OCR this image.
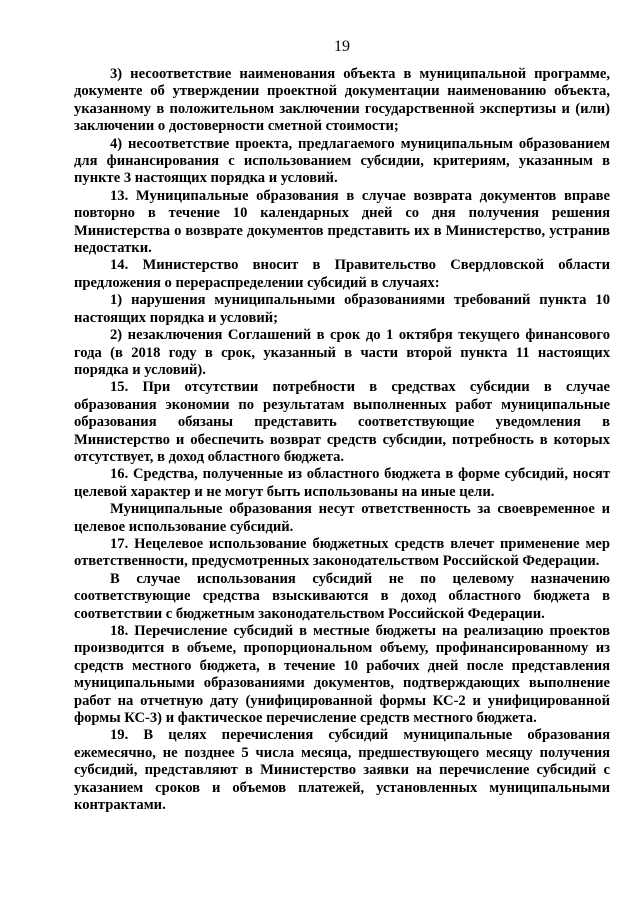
19

3) несоответствие наименования объекта в муниципальной программе, документе об утверждении проектной документации наименованию объекта, указанному в положительном заключении государственной экспертизы и (или) заключении о достоверности сметной стоимости;

4) несоответствие проекта, предлагаемого муниципальным образованием для финансирования с использованием субсидии, критериям, указанным в пункте 3 настоящих порядка и условий.

13. Муниципальные образования в случае возврата документов вправе повторно в течение 10 календарных дней со дня получения решения Министерства о возврате документов представить их в Министерство, устранив недостатки.

14. Министерство вносит в Правительство Свердловской области предложения о перераспределении субсидий в случаях:

1) нарушения муниципальными образованиями требований пункта 10 настоящих порядка и условий;

2) незаключения Соглашений в срок до 1 октября текущего финансового года (в 2018 году в срок, указанный в части второй пункта 11 настоящих порядка и условий).

15. При отсутствии потребности в средствах субсидии в случае образования экономии по результатам выполненных работ муниципальные образования обязаны представить соответствующие уведомления в Министерство и обеспечить возврат средств субсидии, потребность в которых отсутствует, в доход областного бюджета.

16. Средства, полученные из областного бюджета в форме субсидий, носят целевой характер и не могут быть использованы на иные цели.

Муниципальные образования несут ответственность за своевременное и целевое использование субсидий.

17. Нецелевое использование бюджетных средств влечет применение мер ответственности, предусмотренных законодательством Российской Федерации.

В случае использования субсидий не по целевому назначению соответствующие средства взыскиваются в доход областного бюджета в соответствии с бюджетным законодательством Российской Федерации.

18. Перечисление субсидий в местные бюджеты на реализацию проектов производится в объеме, пропорциональном объему, профинансированному из средств местного бюджета, в течение 10 рабочих дней после представления муниципальными образованиями документов, подтверждающих выполнение работ на отчетную дату (унифицированной формы КС-2 и унифицированной формы КС-3) и фактическое перечисление средств местного бюджета.

19. В целях перечисления субсидий муниципальные образования ежемесячно, не позднее 5 числа месяца, предшествующего месяцу получения субсидий, представляют в Министерство заявки на перечисление субсидий с указанием сроков и объемов платежей, установленных муниципальными контрактами.
